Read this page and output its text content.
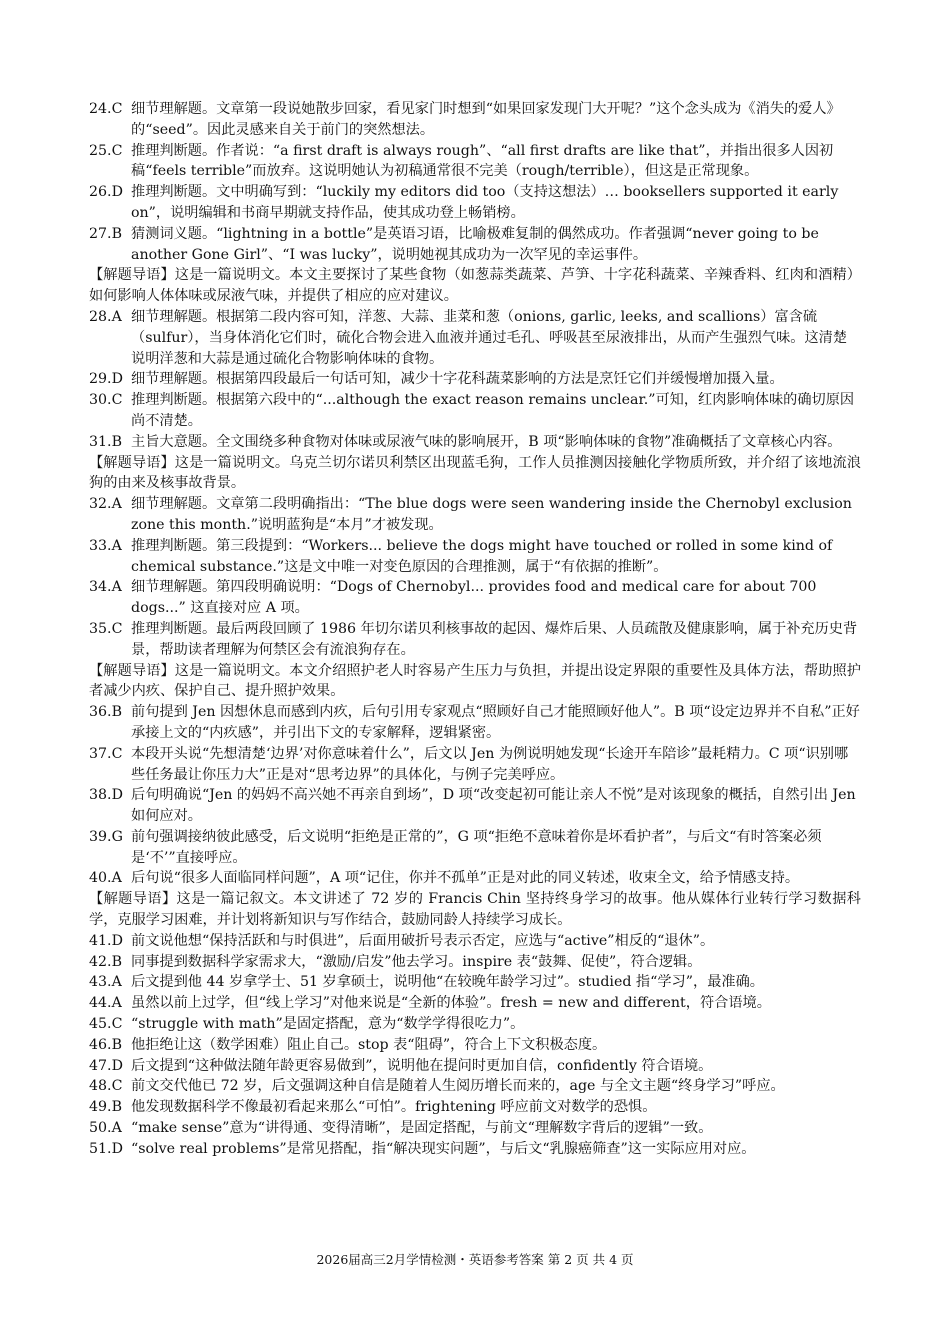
24.C 细节理解题。文章第一段说她散步回家，看见家门时想到“如果回家发现门大开呢？”这个念头成为《消失的爱人》的“seed”。因此灵感来自关于前门的突然想法。
25.C 推理判断题。作者说：“a first draft is always rough”、“all first drafts are like that”，并指出很多人因初稿“feels terrible”而放弃。这说明她认为初稿通常很不完美（rough/terrible），但这是正常现象。
26.D 推理判断题。文中明确写到：“luckily my editors did too（支持这想法）… booksellers supported it early on”，说明编辑和书商早期就支持作品，使其成功登上畅销榜。
27.B 猜测词义题。“lightning in a bottle”是英语习语，比喻极难复制的偶然成功。作者强调“never going to be another Gone Girl”、“I was lucky”，说明她视其成功为一次罕见的幸运事件。
【解题导语】这是一篇说明文。本文主要探讨了某些食物（如葱蒜类蔬菜、芦笋、十字花科蔬菜、辛辣香料、红肉和酒精）如何影响人体体味或尿液气味，并提供了相应的应对建议。
28.A 细节理解题。根据第二段内容可知，洋葱、大蒜、韭菜和葱（onions, garlic, leeks, and scallions）富含硫（sulfur），当身体消化它们时，硫化合物会进入血液并通过毛孔、呼吸甚至尿液排出，从而产生强烈气味。这清楚说明洋葱和大蒜是通过硫化合物影响体味的食物。
29.D 细节理解题。根据第四段最后一句话可知，减少十字花科蔬菜影响的方法是烹饪它们并缓慢增加摄入量。
30.C 推理判断题。根据第六段中的“...although the exact reason remains unclear.”可知，红肉影响体味的确切原因尚不清楚。
31.B 主旨大意题。全文围绕多种食物对体味或尿液气味的影响展开，B 项“影响体味的食物”准确概括了文章核心内容。
【解题导语】这是一篇说明文。乌克兰切尔诺贝利禁区出现蓝毛狗，工作人员推测因接触化学物质所致，并介绍了该地流浪狗的由来及核事故背景。
32.A 细节理解题。文章第二段明确指出：“The blue dogs were seen wandering inside the Chernobyl exclusion zone this month.”说明蓝狗是“本月”才被发现。
33.A 推理判断题。第三段提到：“Workers... believe the dogs might have touched or rolled in some kind of chemical substance.”这是文中唯一对变色原因的合理推测，属于“有依据的推断”。
34.A 细节理解题。第四段明确说明：“Dogs of Chernobyl... provides food and medical care for about 700 dogs...” 这直接对应 A 项。
35.C 推理判断题。最后两段回顾了 1986 年切尔诺贝利核事故的起因、爆炸后果、人员疏散及健康影响，属于补充历史背景，帮助读者理解为何禁区会有流浪狗存在。
【解题导语】这是一篇说明文。本文介绍照护老人时容易产生压力与负担，并提出设定界限的重要性及具体方法，帮助照护者减少内疚、保护自己、提升照护效果。
36.B 前句提到 Jen 因想休息而感到内疚，后句引用专家观点“照顾好自己才能照顾好他人”。B 项“设定边界并不自私”正好承接上文的“内疚感”，并引出下文的专家解释，逻辑紧密。
37.C 本段开头说“先想清楚‘边界’对你意味着什么”，后文以 Jen 为例说明她发现“长途开车陪诊”最耗精力。C 项“识别哪些任务最让你压力大”正是对“思考边界”的具体化，与例子完美呼应。
38.D 后句明确说“Jen 的妈妈不高兴她不再亲自到场”，D 项“改变起初可能让亲人不悦”是对该现象的概括，自然引出 Jen 如何应对。
39.G 前句强调接纳彼此感受，后文说明“拒绝是正常的”，G 项“拒绝不意味着你是坏看护者”，与后文“有时答案必须是‘不’”直接呼应。
40.A 后句说“很多人面临同样问题”，A 项“记住，你并不孤单”正是对此的同义转述，收束全文，给予情感支持。
【解题导语】这是一篇记叙文。本文讲述了 72 岁的 Francis Chin 坚持终身学习的故事。他从媒体行业转行学习数据科学，克服学习困难，并计划将新知识与写作结合，鼓励同龄人持续学习成长。
41.D 前文说他想“保持活跃和与时俱进”，后面用破折号表示否定，应选与“active”相反的“退休”。
42.B 同事提到数据科学家需求大，“激励/启发”他去学习。inspire 表“鼓舞、促使”，符合逻辑。
43.A 后文提到他 44 岁拿学士、51 岁拿硕士，说明他“在较晚年龄学习过”。studied 指“学习”，最准确。
44.A 虽然以前上过学，但“线上学习”对他来说是“全新的体验”。fresh = new and different，符合语境。
45.C “struggle with math”是固定搭配，意为“数学学得很吃力”。
46.B 他拒绝让这（数学困难）阻止自己。stop 表“阻碍”，符合上下文积极态度。
47.D 后文提到“这种做法随年龄更容易做到”，说明他在提问时更加自信，confidently 符合语境。
48.C 前文交代他已 72 岁，后文强调这种自信是随着人生阅历增长而来的，age 与全文主题“终身学习”呼应。
49.B 他发现数据科学不像最初看起来那么“可怕”。frightening 呼应前文对数学的恐惧。
50.A “make sense”意为“讲得通、变得清晰”，是固定搭配，与前文“理解数字背后的逻辑”一致。
51.D “solve real problems”是常见搭配，指“解决现实问题”，与后文“乳腺癌筛查”这一实际应用对应。
2026届高三2月学情检测・英语参考答案 第 2 页 共 4 页
